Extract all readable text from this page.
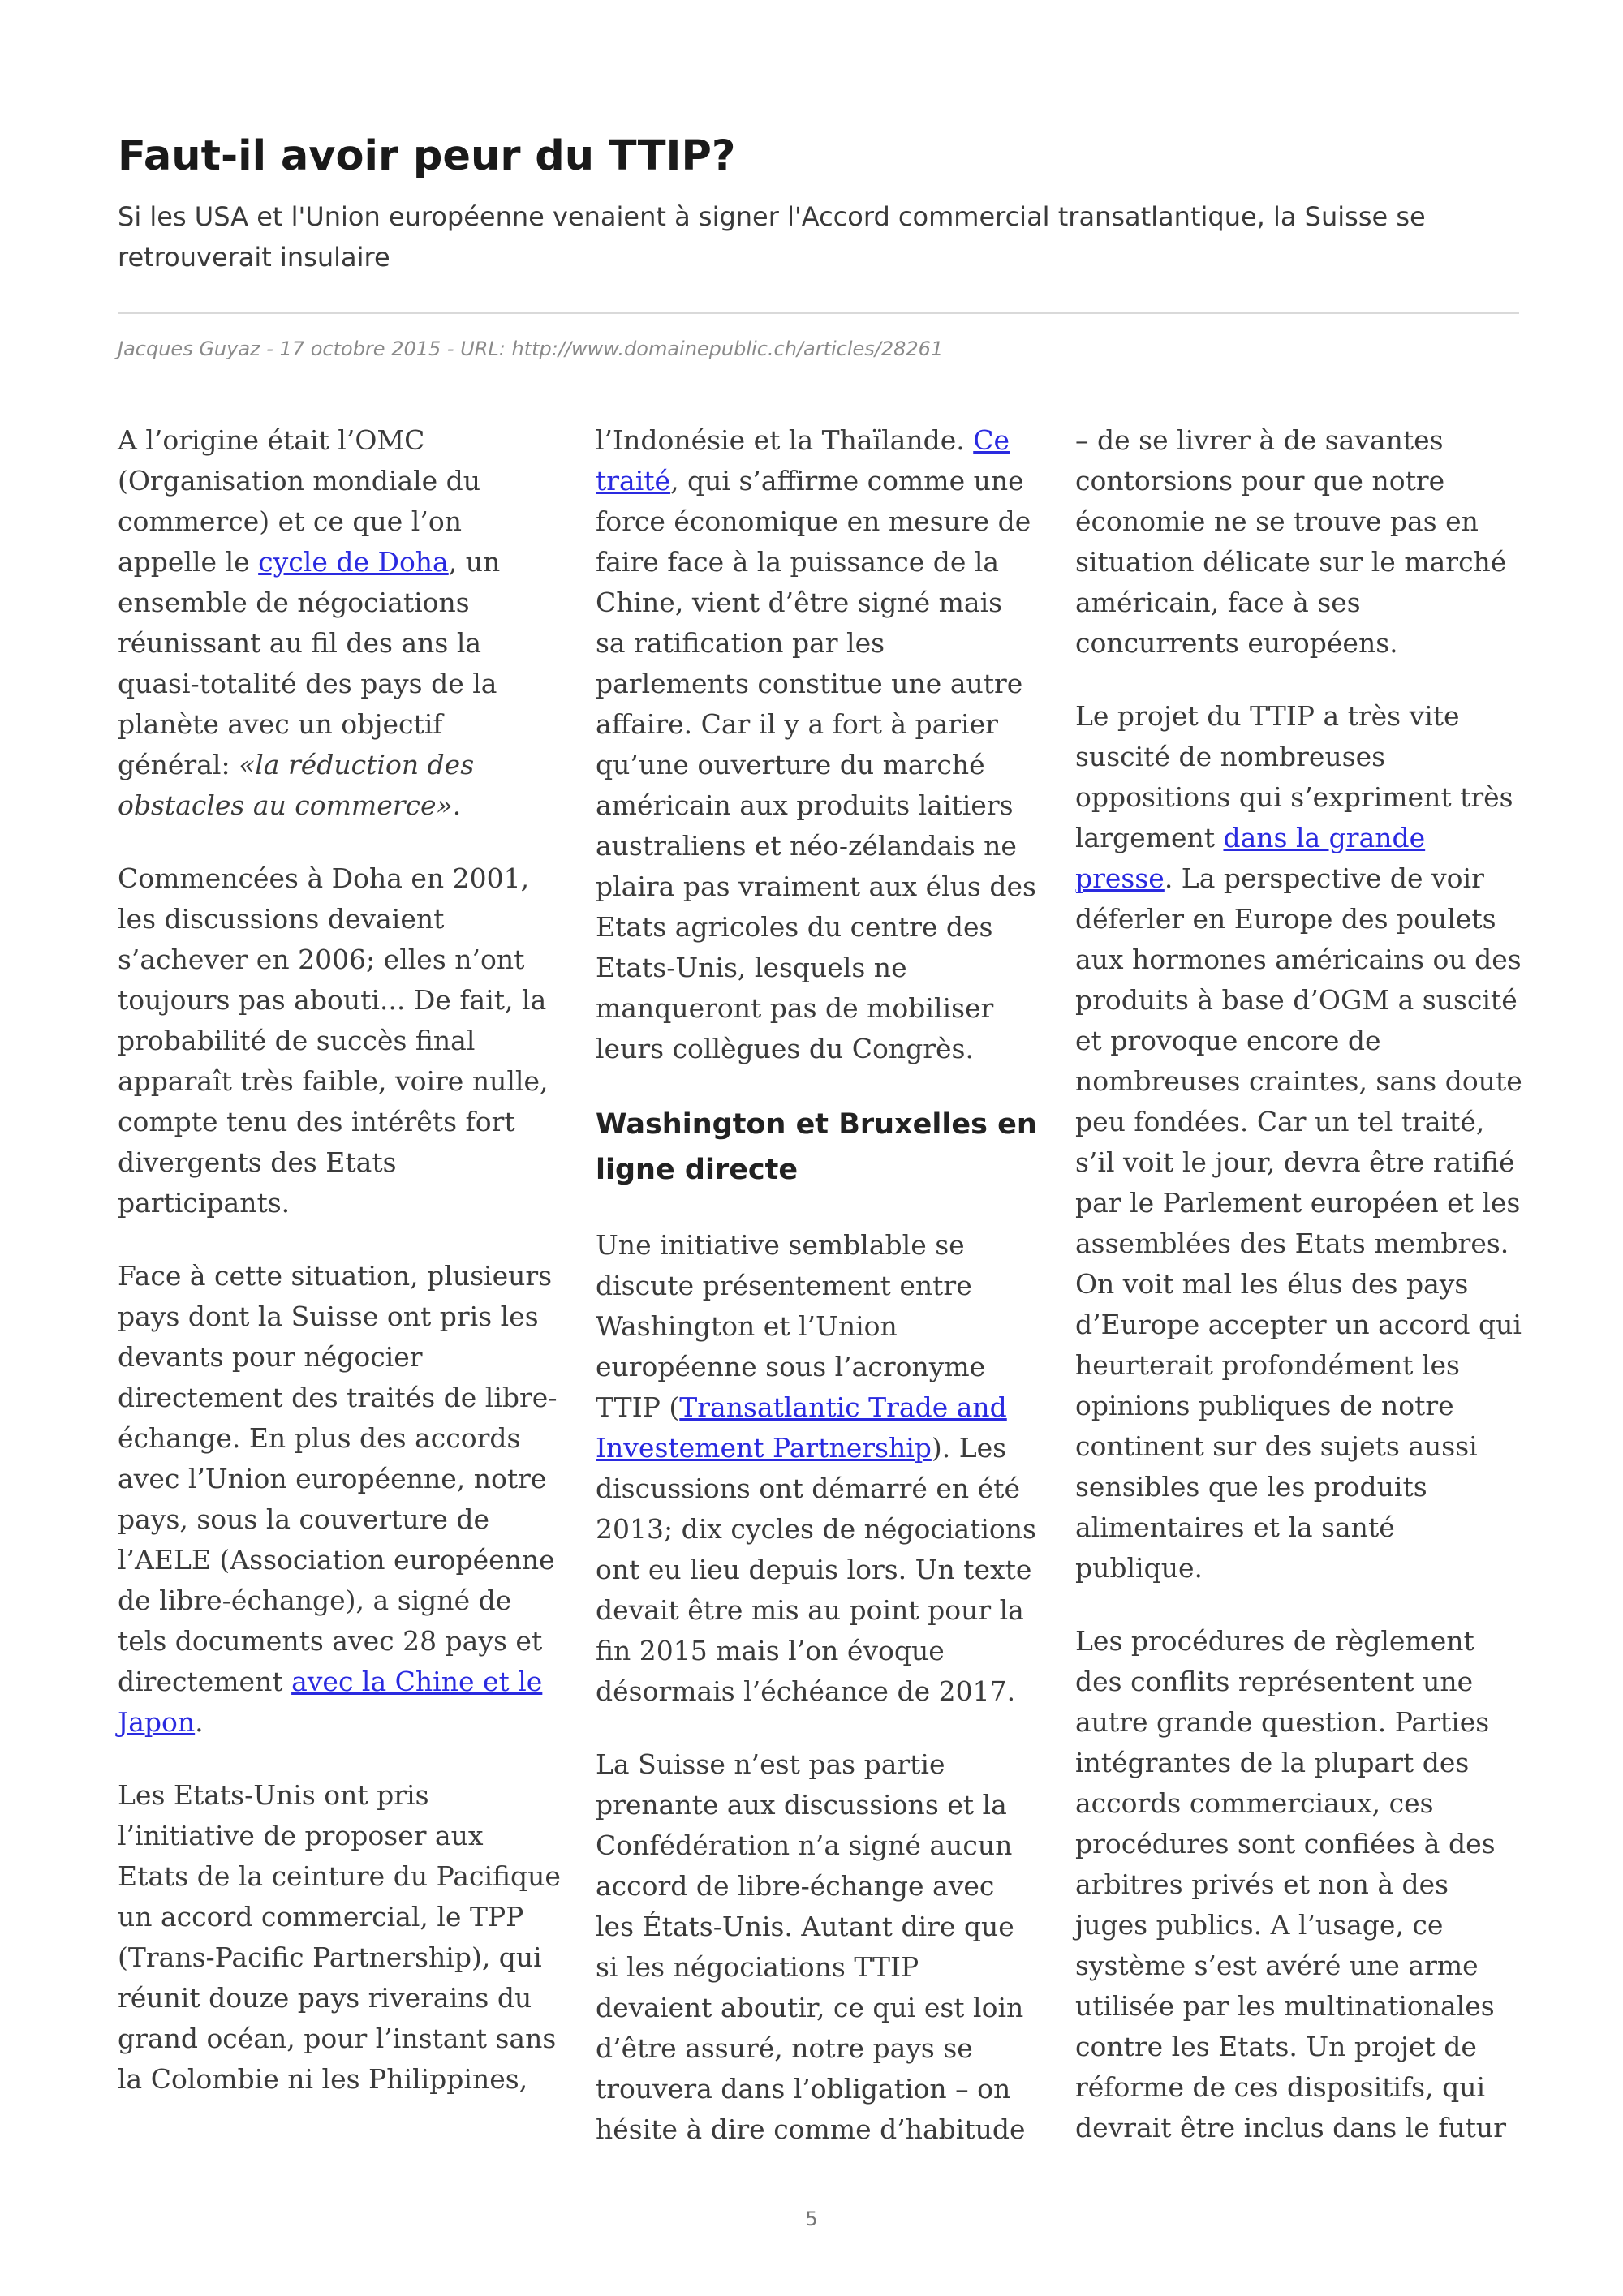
Faut-il avoir peur du TTIP?

Si les USA et l'Union européenne venaient à signer l'Accord commercial transatlantique, la Suisse se retrouverait insulaire

Jacques Guyaz - 17 octobre 2015 - URL: http://www.domainepublic.ch/articles/28261

A l’origine était l’OMC (Organisation mondiale du commerce) et ce que l’on appelle le cycle de Doha, un ensemble de négociations réunissant au fil des ans la quasi-totalité des pays de la planète avec un objectif général: «la réduction des obstacles au commerce».

Commencées à Doha en 2001, les discussions devaient s’achever en 2006; elles n’ont toujours pas abouti... De fait, la probabilité de succès final apparaît très faible, voire nulle, compte tenu des intérêts fort divergents des Etats participants.

Face à cette situation, plusieurs pays dont la Suisse ont pris les devants pour négocier directement des traités de libre-échange. En plus des accords avec l’Union européenne, notre pays, sous la couverture de l’AELE (Association européenne de libre-échange), a signé de tels documents avec 28 pays et directement avec la Chine et le Japon.

Les Etats-Unis ont pris l’initiative de proposer aux Etats de la ceinture du Pacifique un accord commercial, le TPP (Trans-Pacific Partnership), qui réunit douze pays riverains du grand océan, pour l’instant sans la Colombie ni les Philippines,

l’Indonésie et la Thaïlande. Ce traité, qui s’affirme comme une force économique en mesure de faire face à la puissance de la Chine, vient d’être signé mais sa ratification par les parlements constitue une autre affaire. Car il y a fort à parier qu’une ouverture du marché américain aux produits laitiers australiens et néo-zélandais ne plaira pas vraiment aux élus des Etats agricoles du centre des Etats-Unis, lesquels ne manqueront pas de mobiliser leurs collègues du Congrès.

Washington et Bruxelles en ligne directe

Une initiative semblable se discute présentement entre Washington et l’Union européenne sous l’acronyme TTIP (Transatlantic Trade and Investement Partnership). Les discussions ont démarré en été 2013; dix cycles de négociations ont eu lieu depuis lors. Un texte devait être mis au point pour la fin 2015 mais l’on évoque désormais l’échéance de 2017.

La Suisse n’est pas partie prenante aux discussions et la Confédération n’a signé aucun accord de libre-échange avec les États-Unis. Autant dire que si les négociations TTIP devaient aboutir, ce qui est loin d’être assuré, notre pays se trouvera dans l’obligation – on hésite à dire comme d’habitude

– de se livrer à de savantes contorsions pour que notre économie ne se trouve pas en situation délicate sur le marché américain, face à ses concurrents européens.

Le projet du TTIP a très vite suscité de nombreuses oppositions qui s’expriment très largement dans la grande presse. La perspective de voir déferler en Europe des poulets aux hormones américains ou des produits à base d’OGM a suscité et provoque encore de nombreuses craintes, sans doute peu fondées. Car un tel traité, s’il voit le jour, devra être ratifié par le Parlement européen et les assemblées des Etats membres. On voit mal les élus des pays d’Europe accepter un accord qui heurterait profondément les opinions publiques de notre continent sur des sujets aussi sensibles que les produits alimentaires et la santé publique.

Les procédures de règlement des conflits représentent une autre grande question. Parties intégrantes de la plupart des accords commerciaux, ces procédures sont confiées à des arbitres privés et non à des juges publics. A l’usage, ce système s’est avéré une arme utilisée par les multinationales contre les Etats. Un projet de réforme de ces dispositifs, qui devrait être inclus dans le futur

5
